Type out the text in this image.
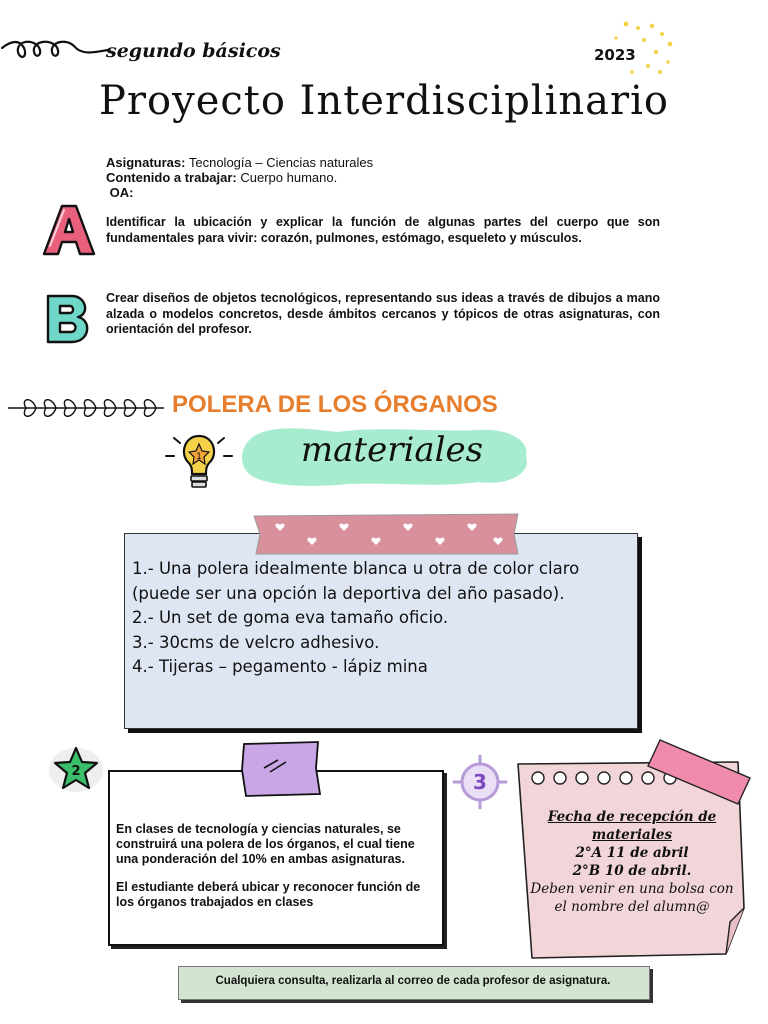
segundo básicos	2023
Proyecto Interdisciplinario
Asignaturas: Tecnología – Ciencias naturales
Contenido a trabajar: Cuerpo humano.
OA:
Identificar la ubicación y explicar la función de algunas partes del cuerpo que son fundamentales para vivir: corazón, pulmones, estómago, esqueleto y músculos.
Crear diseños de objetos tecnológicos, representando sus ideas a través de dibujos a mano alzada o modelos concretos, desde ámbitos cercanos y tópicos de otras asignaturas, con orientación del profesor.
POLERA DE LOS ÓRGANOS
1	materiales
1.- Una polera idealmente blanca u otra de color claro (puede ser una opción la deportiva del año pasado).
2.- Un set de goma eva tamaño oficio.
3.- 30cms de velcro adhesivo.
4.- Tijeras – pegamento - lápiz mina
2

En clases de tecnología y ciencias naturales, se construirá una polera de los órganos, el cual tiene una ponderación del 10% en ambas asignaturas.

El estudiante deberá ubicar y reconocer función de los órganos trabajados en clases

3
Fecha de recepción de materiales
2°A 11 de abril
2°B 10 de abril.
Deben venir en una bolsa con el nombre del alumn@
Cualquiera consulta, realizarla al correo de cada profesor de asignatura.
